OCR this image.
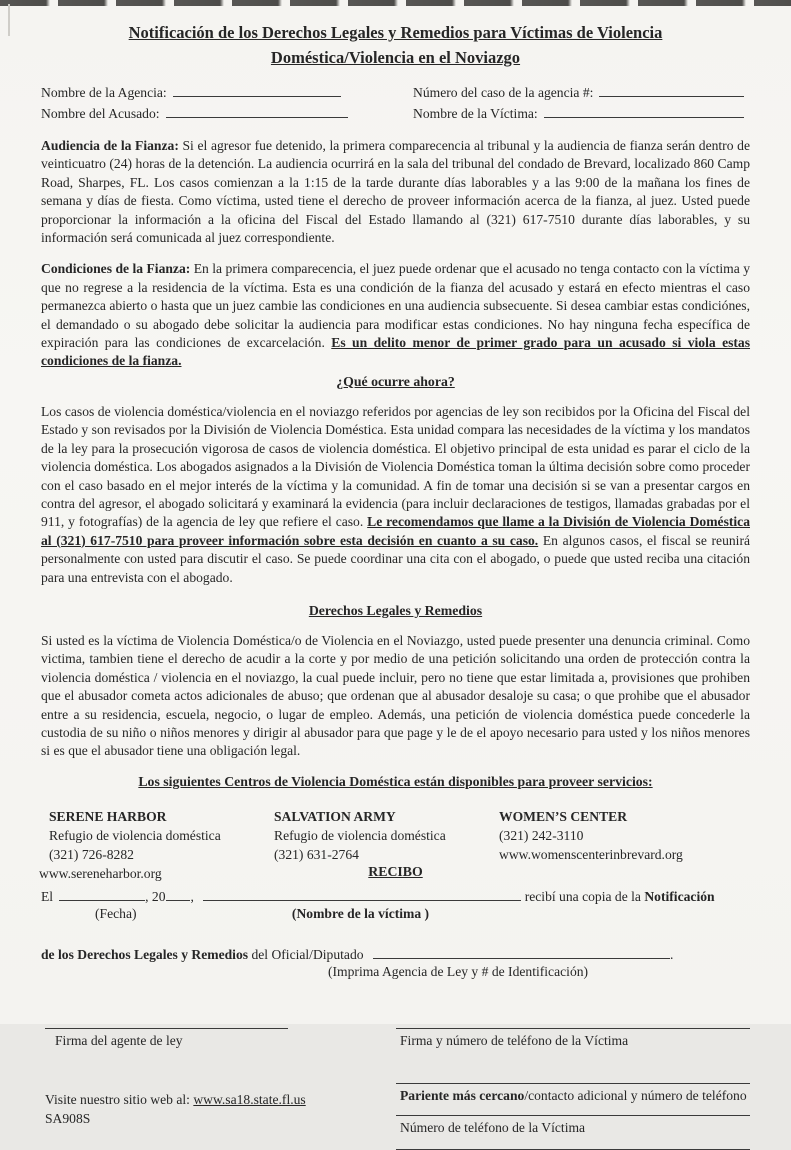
Notificación de los Derechos Legales y Remedios para Víctimas de Violencia
Doméstica/Violencia en el Noviazgo
Nombre de la Agencia:	Número del caso de la agencia #:
Nombre del Acusado:	Nombre de la Víctima:

Audiencia de la Fianza: Si el agresor fue detenido, la primera comparecencia al tribunal y la audiencia de fianza serán dentro de veinticuatro (24) horas de la detención. La audiencia ocurrirá en la sala del tribunal del condado de Brevard, localizado 860 Camp Road, Sharpes, FL. Los casos comienzan a la 1:15 de la tarde durante días laborables y a las 9:00 de la mañana los fines de semana y días de fiesta. Como víctima, usted tiene el derecho de proveer información acerca de la fianza, al juez. Usted puede proporcionar la información a la oficina del Fiscal del Estado llamando al (321) 617-7510 durante días laborables, y su información será comunicada al juez correspondiente.

Condiciones de la Fianza: En la primera comparecencia, el juez puede ordenar que el acusado no tenga contacto con la víctima y que no regrese a la residencia de la víctima. Esta es una condición de la fianza del acusado y estará en efecto mientras el caso permanezca abierto o hasta que un juez cambie las condiciones en una audiencia subsecuente. Si desea cambiar estas condiciónes, el demandado o su abogado debe solicitar la audiencia para modificar estas condiciones. No hay ninguna fecha específica de expiración para las condiciones de excarcelación. Es un delito menor de primer grado para un acusado si viola estas condiciones de la fianza.

¿Qué ocurre ahora?

Los casos de violencia doméstica/violencia en el noviazgo referidos por agencias de ley son recibidos por la Oficina del Fiscal del Estado y son revisados por la División de Violencia Doméstica. Esta unidad compara las necesidades de la víctima y los mandatos de la ley para la prosecución vigorosa de casos de violencia doméstica. El objetivo principal de esta unidad es parar el ciclo de la violencia doméstica. Los abogados asignados a la División de Violencia Doméstica toman la última decisión sobre como proceder con el caso basado en el mejor interés de la víctima y la comunidad. A fin de tomar una decisión si se van a presentar cargos en contra del agresor, el abogado solicitará y examinará la evidencia (para incluir declaraciones de testigos, llamadas grabadas por el 911, y fotografías) de la agencia de ley que refiere el caso. Le recomendamos que llame a la División de Violencia Doméstica al (321) 617-7510 para proveer información sobre esta decisión en cuanto a su caso. En algunos casos, el fiscal se reunirá personalmente con usted para discutir el caso. Se puede coordinar una cita con el abogado, o puede que usted reciba una citación para una entrevista con el abogado.

Derechos Legales y Remedios

Si usted es la víctima de Violencia Doméstica/o de Violencia en el Noviazgo, usted puede presenter una denuncia criminal. Como victima, tambien tiene el derecho de acudir a la corte y por medio de una petición solicitando una orden de protección contra la violencia doméstica / violencia en el noviazgo, la cual puede incluir, pero no tiene que estar limitada a, provisiones que prohiben que el abusador cometa actos adicionales de abuso; que ordenan que al abusador desaloje su casa; o que prohibe que el abusador entre a su residencia, escuela, negocio, o lugar de empleo. Además, una petición de violencia doméstica puede concederle la custodia de su niño o niños menores y dirigir al abusador para que page y le de el apoyo necesario para usted y los niños menores si es que el abusador tiene una obligación legal.

Los siguientes Centros de Violencia Doméstica están disponibles para proveer servicios:
SERENE HARBOR
Refugio de violencia doméstica
(321) 726-8282
www.sereneharbor.org
SALVATION ARMY
Refugio de violencia doméstica
(321) 631-2764
WOMEN’S CENTER
(321) 242-3110
www.womenscenterinbrevard.org
RECIBO
El	, 20 ,	recibí una copia de la Notificación
(Fecha)	(Nombre de la víctima )
de los Derechos Legales y Remedios del Oficial/Diputado	.
(Imprima Agencia de Ley y # de Identificación)
Firma del agente de ley
Visite nuestro sitio web al: www.sa18.state.fl.us
SA908S
Firma y número de teléfono de la Víctima
Pariente más cercano/contacto adicional y número de teléfono
Número de teléfono de la Víctima
